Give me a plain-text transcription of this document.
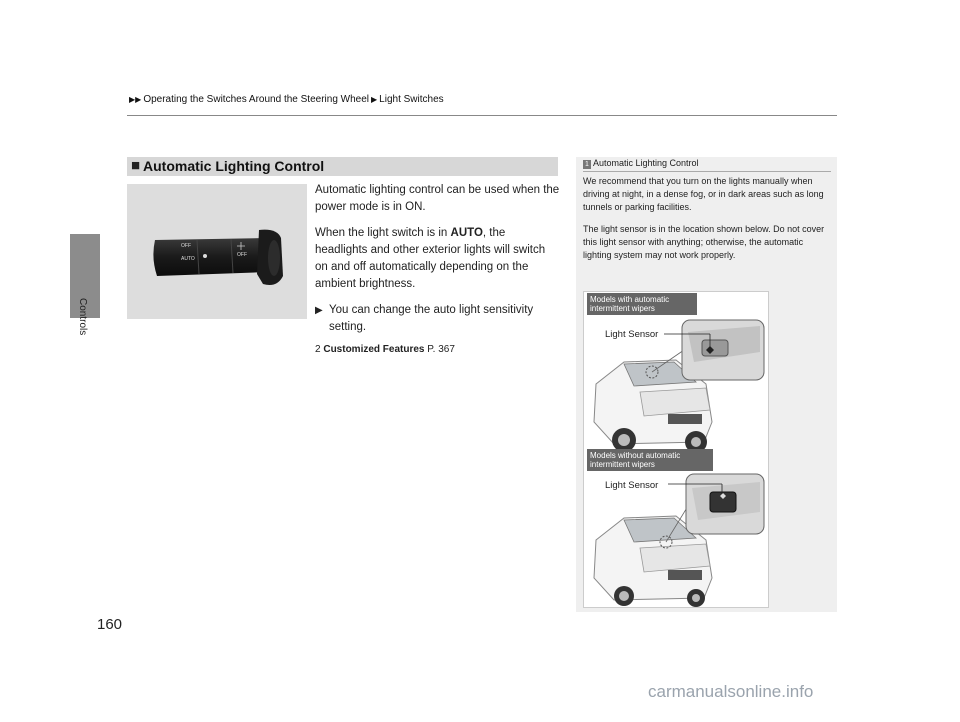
▶▶ Operating the Switches Around the Steering Wheel ▶ Light Switches
Controls
160
■ Automatic Lighting Control
OFF
AUTO
OFF

Automatic lighting control can be used when the power mode is in ON.

When the light switch is in AUTO, the headlights and other exterior lights will switch on and off automatically depending on the ambient brightness.

▶ You can change the auto light sensitivity setting.
2 Customized Features P. 367
1 Automatic Lighting Control

We recommend that you turn on the lights manually when driving at night, in a dense fog, or in dark areas such as long tunnels or parking facilities.

The light sensor is in the location shown below. Do not cover this light sensor with anything; otherwise, the automatic lighting system may not work properly.

Models with automatic intermittent wipers
Models without automatic intermittent wipers
Light Sensor
Light Sensor
carmanualsonline.info
